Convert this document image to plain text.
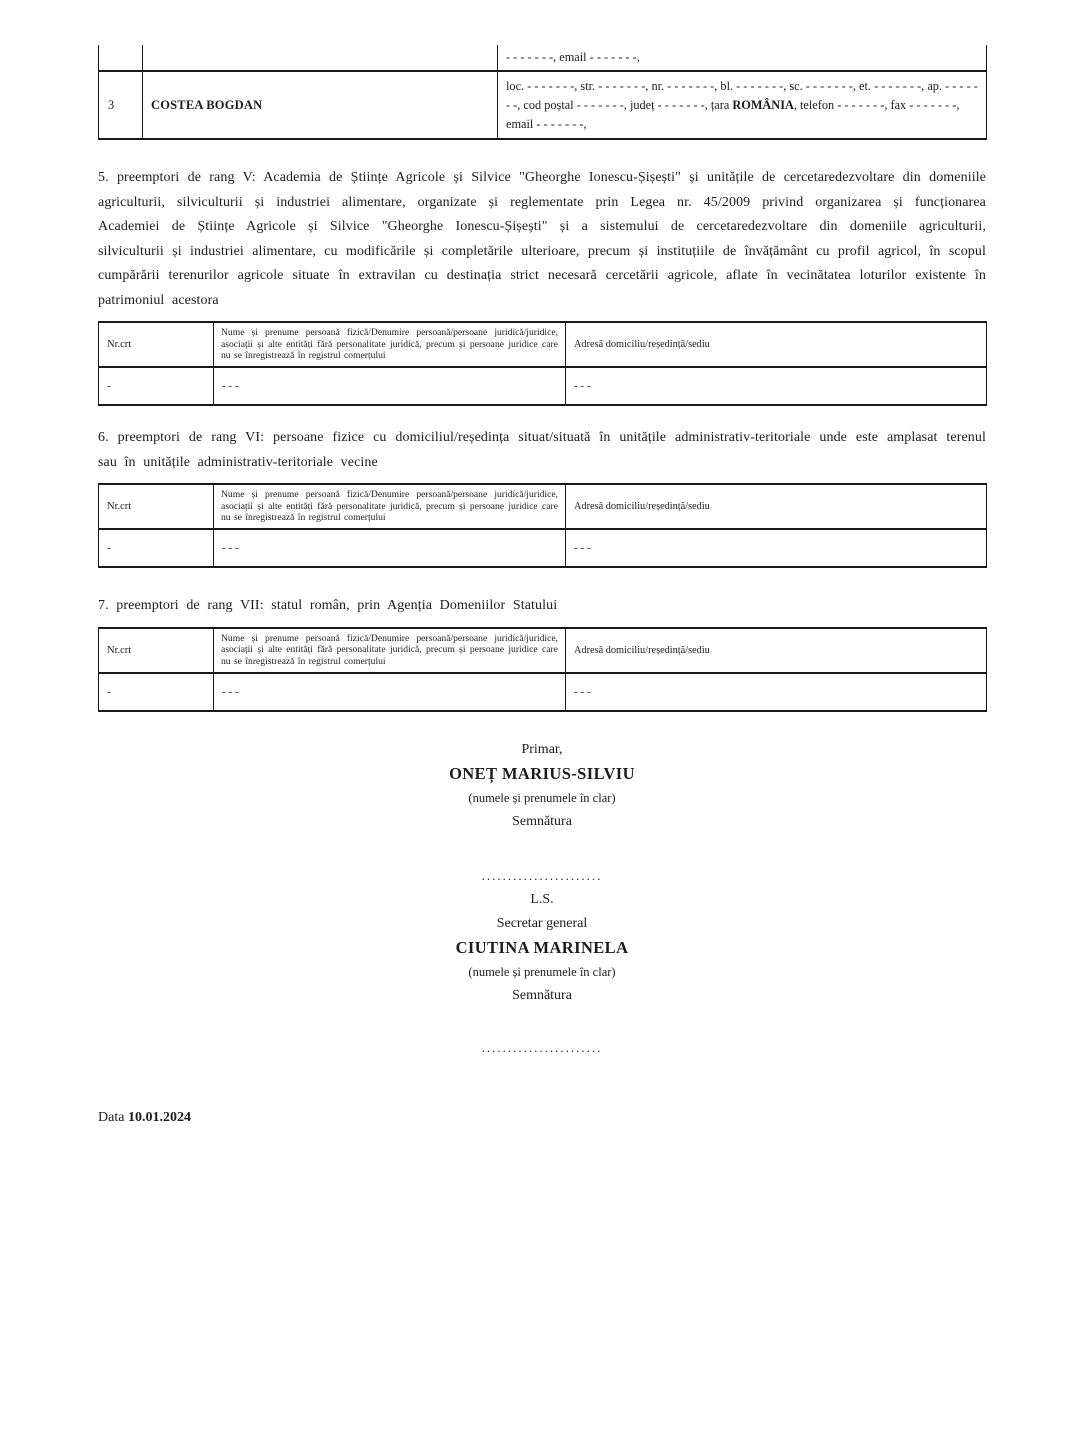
		- - - - - - -, email - - - - - - -,
3	COSTEA BOGDAN	loc. - - - - - - -, str. - - - - - - -, nr. - - - - - - -, bl. - - - - - - -, sc. - - - - - - -, et. - - - - - - -, ap. - - - - - - -, cod poștal - - - - - - -, județ - - - - - - -, țara ROMÂNIA, telefon - - - - - - -, fax - - - - - - -, email - - - - - - -,

5. preemptori de rang V: Academia de Științe Agricole și Silvice "Gheorghe Ionescu-Șișești" și unitățile de cercetaredezvoltare din domeniile agriculturii, silviculturii și industriei alimentare, organizate și reglementate prin Legea nr. 45/2009 privind organizarea și funcționarea Academiei de Științe Agricole și Silvice "Gheorghe Ionescu-Șișești" și a sistemului de cercetaredezvoltare din domeniile agriculturii, silviculturii și industriei alimentare, cu modificările și completările ulterioare, precum și instituțiile de învățământ cu profil agricol, în scopul cumpărării terenurilor agricole situate în extravilan cu destinația strict necesară cercetării agricole, aflate în vecinătatea loturilor existente în patrimoniul acestora

Nr.crt	Nume și prenume persoană fizică/Denumire persoană/persoane juridică/juridice, asociații și alte entități fără personalitate juridică, precum și persoane juridice care nu se înregistrează în registrul comerțului	Adresă domiciliu/reședință/sediu
-	- - -	- - -

6. preemptori de rang VI: persoane fizice cu domiciliul/reședința situat/situată în unitățile administrativ-teritoriale unde este amplasat terenul sau în unitățile administrativ-teritoriale vecine

Nr.crt	Nume și prenume persoană fizică/Denumire persoană/persoane juridică/juridice, asociații și alte entități fără personalitate juridică, precum și persoane juridice care nu se înregistrează în registrul comerțului	Adresă domiciliu/reședință/sediu
-	- - -	- - -

7. preemptori de rang VII: statul român, prin Agenția Domeniilor Statului

Nr.crt	Nume și prenume persoană fizică/Denumire persoană/persoane juridică/juridice, asociații și alte entități fără personalitate juridică, precum și persoane juridice care nu se înregistrează în registrul comerțului	Adresă domiciliu/reședință/sediu
-	- - -	- - -
Primar,
ONEȚ MARIUS-SILVIU
(numele și prenumele în clar)
Semnătura
.......................
L.S.
Secretar general
CIUTINA MARINELA
(numele și prenumele în clar)
Semnătura
.......................
Data 10.01.2024
